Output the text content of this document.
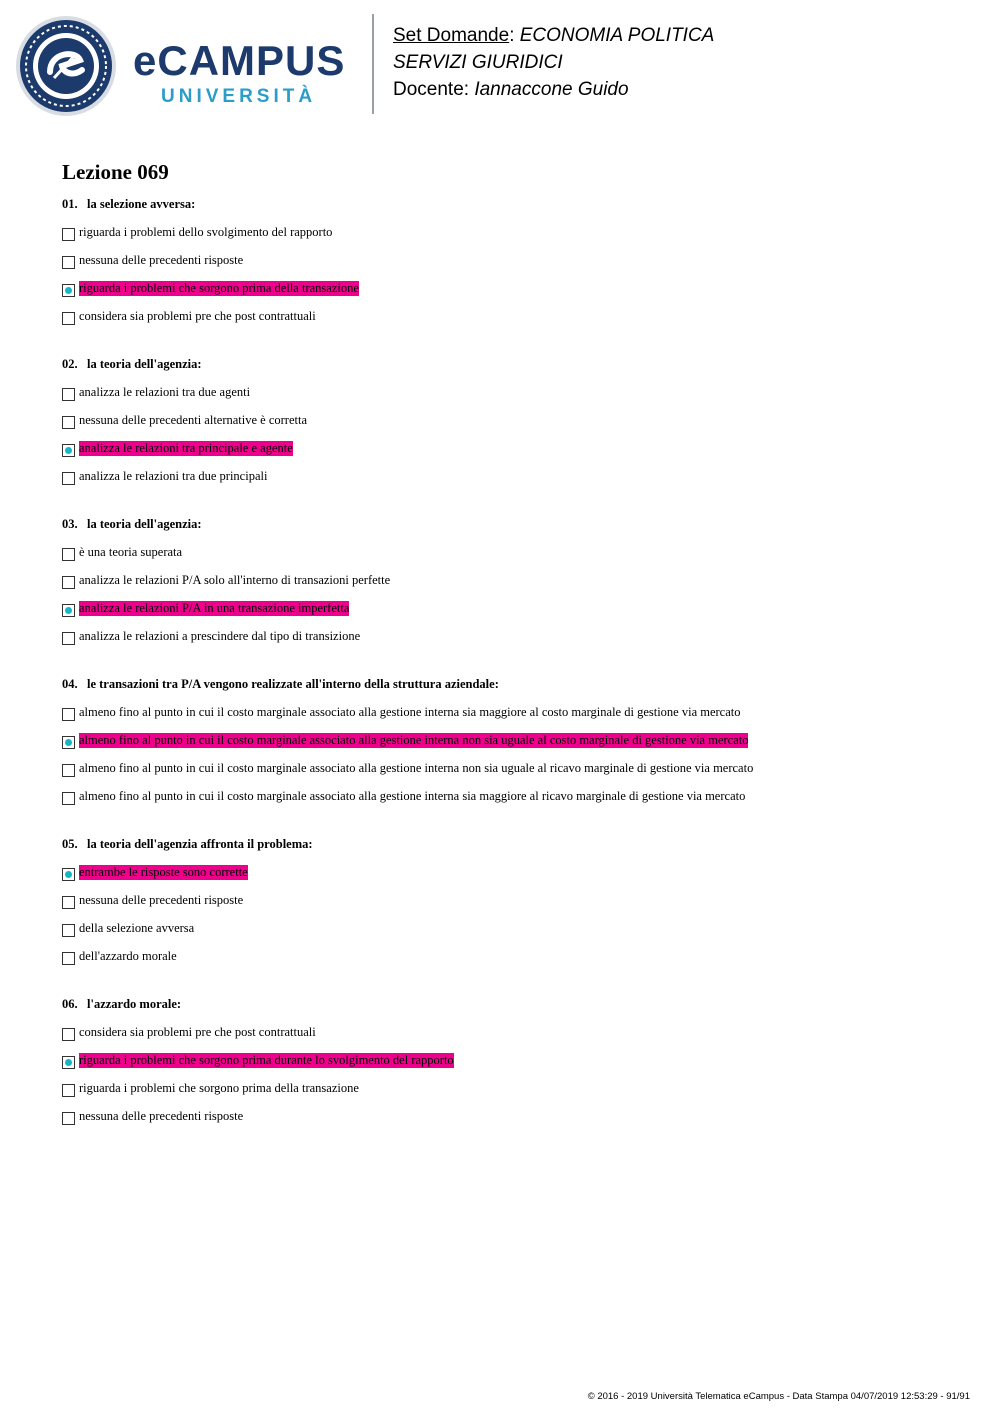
eCAMPUS
UNIVERSITÀ
Set Domande: ECONOMIA POLITICA
SERVIZI GIURIDICI
Docente: Iannaccone Guido
Lezione 069
01. la selezione avversa:
riguarda i problemi dello svolgimento del rapporto
nessuna delle precedenti risposte
riguarda i problemi che sorgono prima della transazione
considera sia problemi pre che post contrattuali
02. la teoria dell'agenzia:
analizza le relazioni tra due agenti
nessuna delle precedenti alternative è corretta
analizza le relazioni tra principale e agente
analizza le relazioni tra due principali
03. la teoria dell'agenzia:
è una teoria superata
analizza le relazioni P/A solo all'interno di transazioni perfette
analizza le relazioni P/A in una transazione imperfetta
analizza le relazioni a prescindere dal tipo di transizione
04. le transazioni tra P/A vengono realizzate all'interno della struttura aziendale:
almeno fino al punto in cui il costo marginale associato alla gestione interna sia maggiore al costo marginale di gestione via mercato
almeno fino al punto in cui il costo marginale associato alla gestione interna non sia uguale al costo marginale di gestione via mercato
almeno fino al punto in cui il costo marginale associato alla gestione interna non sia uguale al ricavo marginale di gestione via mercato
almeno fino al punto in cui il costo marginale associato alla gestione interna sia maggiore al ricavo marginale di gestione via mercato
05. la teoria dell'agenzia affronta il problema:
entrambe le risposte sono corrette
nessuna delle precedenti risposte
della selezione avversa
dell'azzardo morale
06. l'azzardo morale:
considera sia problemi pre che post contrattuali
riguarda i problemi che sorgono prima durante lo svolgimento del rapporto
riguarda i problemi che sorgono prima della transazione
nessuna delle precedenti risposte
© 2016 - 2019 Università Telematica eCampus - Data Stampa 04/07/2019 12:53:29 - 91/91
